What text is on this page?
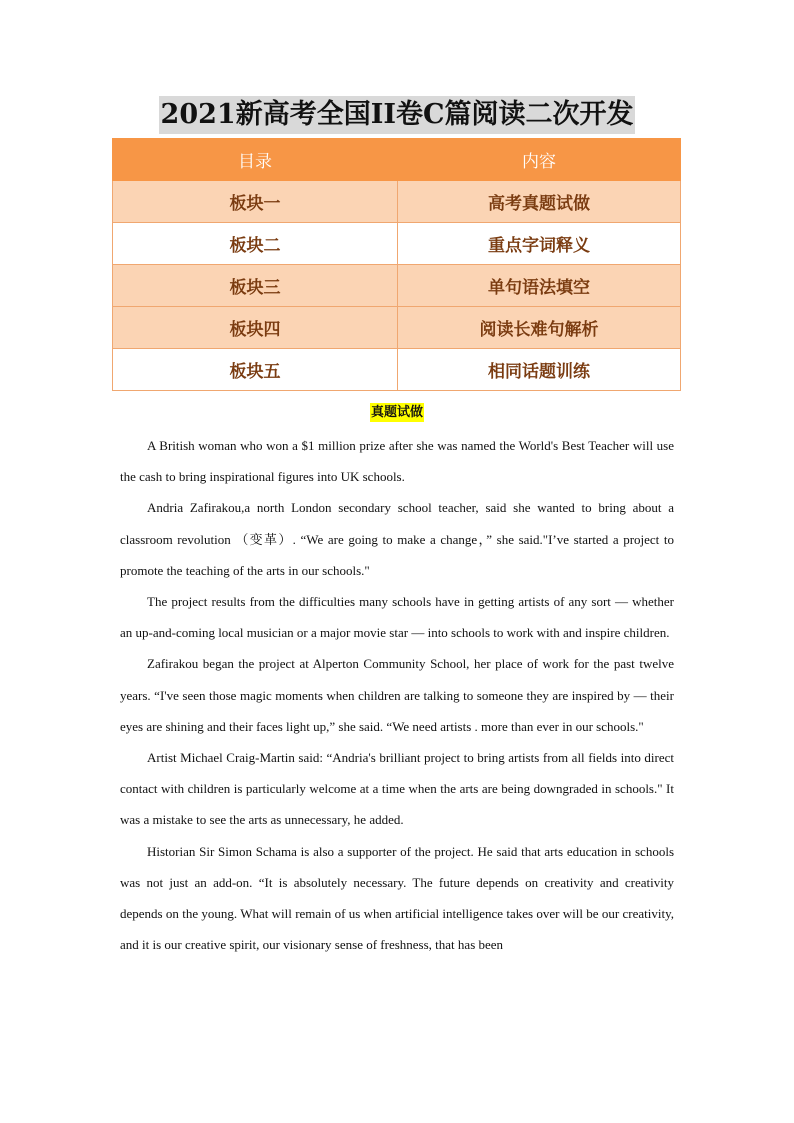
2021新高考全国II卷C篇阅读二次开发
目录	内容
板块一	高考真题试做
板块二	重点字词释义
板块三	单句语法填空
板块四	阅读长难句解析
板块五	相同话题训练
真题试做

A British woman who won a $1 million prize after she was named the World's Best Teacher will use the cash to bring inspirational figures into UK schools.

Andria Zafirakou,a north London secondary school teacher, said she wanted to bring about a classroom revolution （变革）. “We are going to make a change，” she said."I’ve started a project to promote the teaching of the arts in our schools."

The project results from the difficulties many schools have in getting artists of any sort — whether an up-and-coming local musician or a major movie star — into schools to work with and inspire children.

Zafirakou began the project at Alperton Community School, her place of work for the past twelve years. “I've seen those magic moments when children are talking to someone they are inspired by — their eyes are shining and their faces light up,” she said. “We need artists . more than ever in our schools."

Artist Michael Craig-Martin said: “Andria's brilliant project to bring artists from all fields into direct contact with children is particularly welcome at a time when the arts are being downgraded in schools." It was a mistake to see the arts as unnecessary, he added.

Historian Sir Simon Schama is also a supporter of the project. He said that arts education in schools was not just an add-on. “It is absolutely necessary. The future depends on creativity and creativity depends on the young. What will remain of us when artificial intelligence takes over will be our creativity, and it is our creative spirit, our visionary sense of freshness, that has been
